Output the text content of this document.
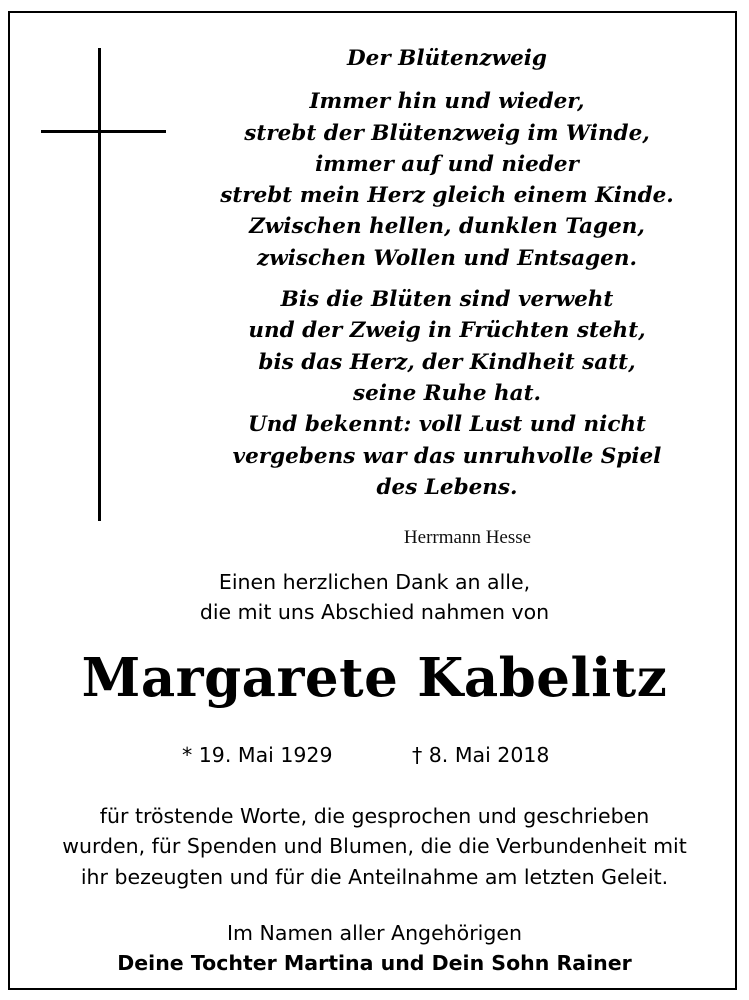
Der Blütenzweig
Immer hin und wieder,
strebt der Blütenzweig im Winde,
immer auf und nieder
strebt mein Herz gleich einem Kinde.
Zwischen hellen, dunklen Tagen,
zwischen Wollen und Entsagen.
Bis die Blüten sind verweht
und der Zweig in Früchten steht,
bis das Herz, der Kindheit satt,
seine Ruhe hat.
Und bekennt: voll Lust und nicht
vergebens war das unruhvolle Spiel
des Lebens.
Herrmann Hesse
Einen herzlichen Dank an alle,
die mit uns Abschied nahmen von
Margarete Kabelitz
* 19. Mai 1929	† 8. Mai 2018
für tröstende Worte, die gesprochen und geschrieben
wurden, für Spenden und Blumen, die die Verbundenheit mit
ihr bezeugten und für die Anteilnahme am letzten Geleit.
Im Namen aller Angehörigen
Deine Tochter Martina und Dein Sohn Rainer
